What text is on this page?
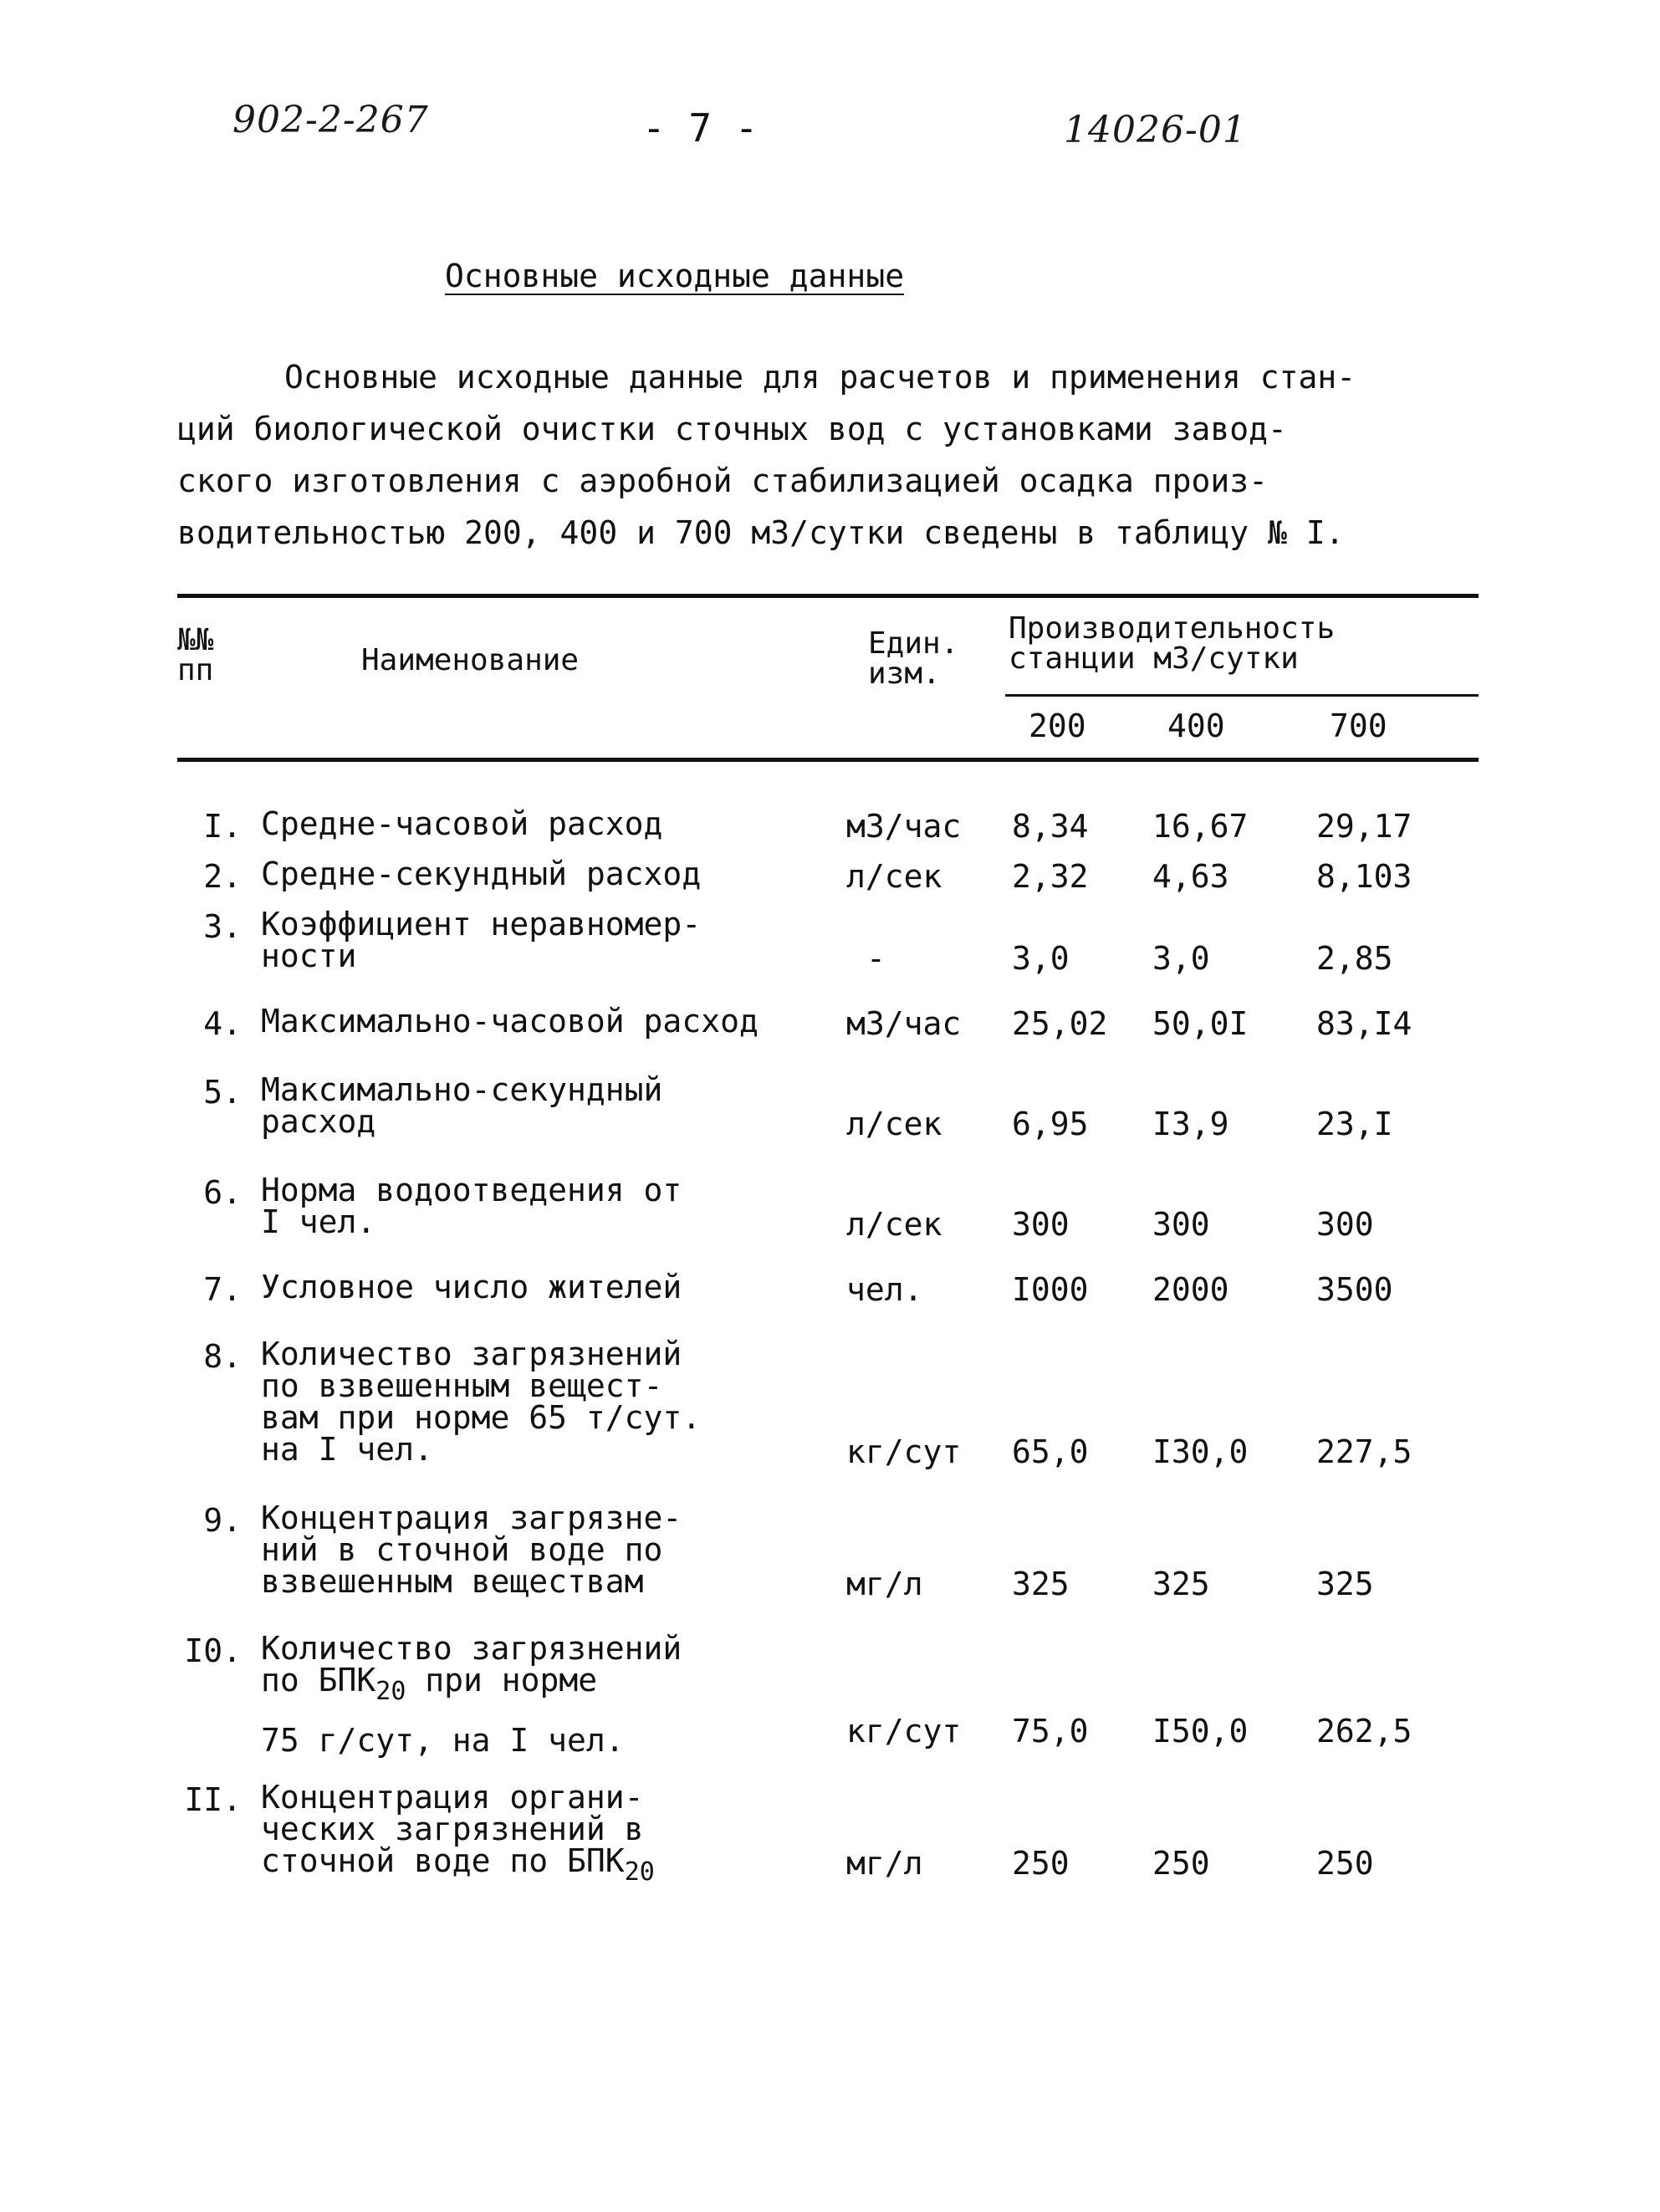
902-2-267	- 7 -	14026-01
Основные исходные данные
Основные исходные данные для расчетов и применения стан-
ций биологической очистки сточных вод с установками завод-
ского изготовления с аэробной стабилизацией осадка произ-
водительностью 200, 400 и 700 м3/сутки сведены в таблицу № I.
№№
пп	Наименование	Един.
изм.
Производительность
станции м3/сутки
200	400	700
I. Средне-часовой расход	м3/час 8,34 16,67 29,17
2. Средне-секундный расход	л/сек 2,32 4,63	8,103
3. Коэффициент неравномер-
ности	-	3,0	3,0	2,85
4. Максимально-часовой расход	м3/час 25,02 50,0I 83,I4
5. Максимально-секундный
расход	л/сек 6,95 I3,9	23,I
6. Норма водоотведения от
I чел.	л/сек 300	300	300
7. Условное число жителей	чел.	I000 2000	3500
8. Количество загрязнений
по взвешенным вещест-
вам при норме 65 т/сут.
на I чел.	кг/сут 65,0 I30,0 227,5
9. Концентрация загрязне-
ний в сточной воде по
взвешенным веществам	мг/л	325	325	325
I0. Количество загрязнений
по $БПК_{20}$ при норме
75 г/сут, на I чел.	кг/сут 75,0 I50,0 262,5
II. Концентрация органи-
ческих загрязнений в
сточной воде по $БПК_{20}$	мг/л	250	250	250
